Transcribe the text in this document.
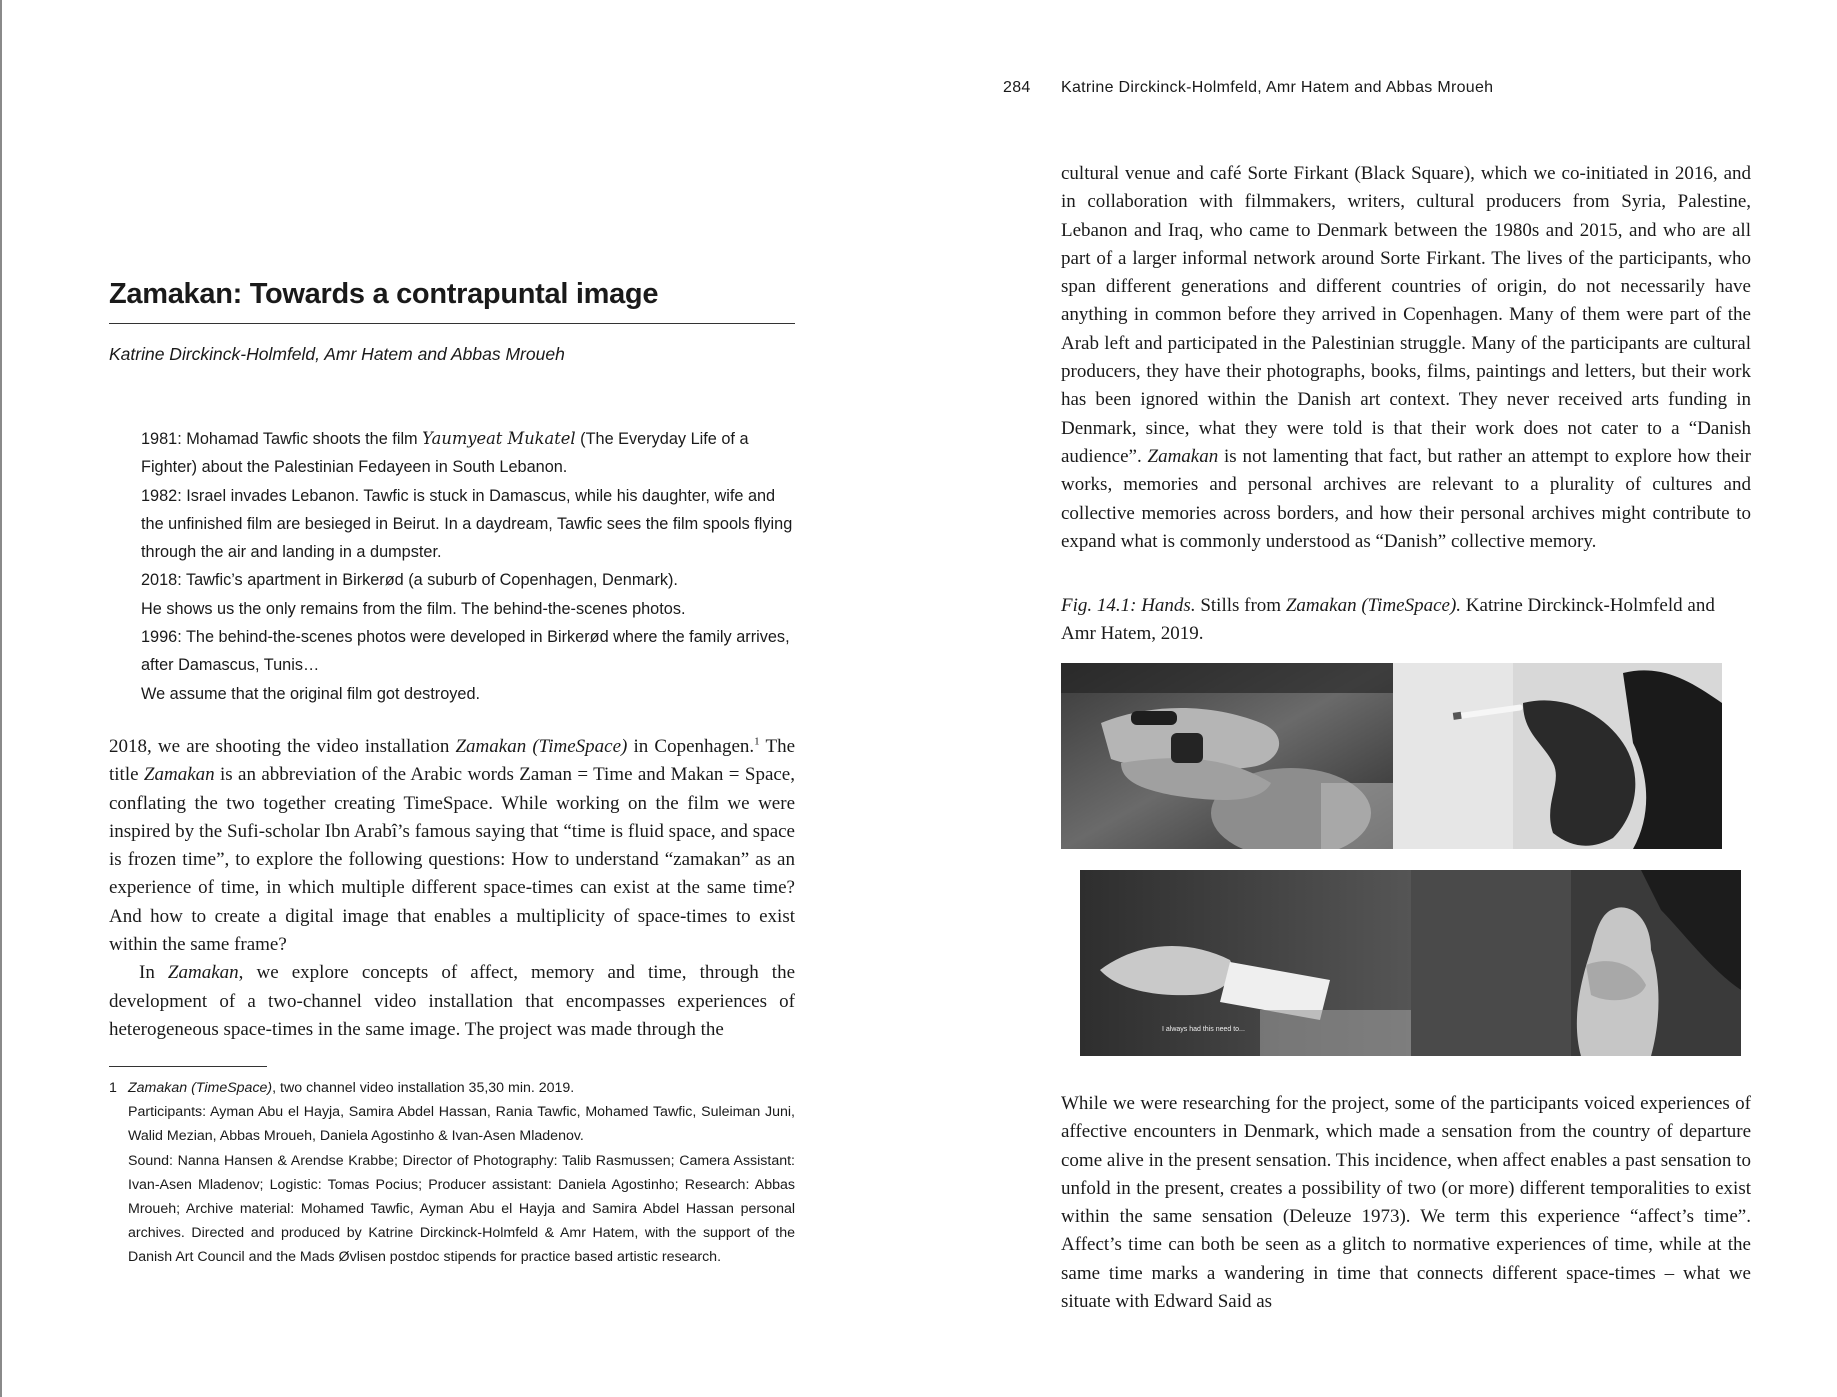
Zamakan: Towards a contrapuntal image
Katrine Dirckinck-Holmfeld, Amr Hatem and Abbas Mroueh
1981: Mohamad Tawfic shoots the film Yaumyeat Mukatel (The Everyday Life of a Fighter) about the Palestinian Fedayeen in South Lebanon.
1982: Israel invades Lebanon. Tawfic is stuck in Damascus, while his daughter, wife and the unfinished film are besieged in Beirut. In a daydream, Tawfic sees the film spools flying through the air and landing in a dumpster.
2018: Tawfic’s apartment in Birkerød (a suburb of Copenhagen, Denmark).
He shows us the only remains from the film. The behind-the-scenes photos.
1996: The behind-the-scenes photos were developed in Birkerød where the family arrives, after Damascus, Tunis…
We assume that the original film got destroyed.

2018, we are shooting the video installation Zamakan (TimeSpace) in Copenhagen.$^1$ The title Zamakan is an abbreviation of the Arabic words Zaman = Time and Makan = Space, conflating the two together creating TimeSpace. While working on the film we were inspired by the Sufi-scholar Ibn Arabî’s famous saying that “time is fluid space, and space is frozen time”, to explore the following questions: How to understand “zamakan” as an experience of time, in which multiple different space-times can exist at the same time? And how to create a digital image that enables a multiplicity of space-times to exist within the same frame?

In Zamakan, we explore concepts of affect, memory and time, through the development of a two-channel video installation that encompasses experiences of heterogeneous space-times in the same image. The project was made through the

1 Zamakan (TimeSpace), two channel video installation 35,30 min. 2019.

Participants: Ayman Abu el Hayja, Samira Abdel Hassan, Rania Tawfic, Mohamed Tawfic, Suleiman Juni, Walid Mezian, Abbas Mroueh, Daniela Agostinho & Ivan-Asen Mladenov.

Sound: Nanna Hansen & Arendse Krabbe; Director of Photography: Talib Rasmussen; Camera Assistant: Ivan-Asen Mladenov; Logistic: Tomas Pocius; Producer assistant: Daniela Agostinho; Research: Abbas Mroueh; Archive material: Mohamed Tawfic, Ayman Abu el Hayja and Samira Abdel Hassan personal archives. Directed and produced by Katrine Dirckinck-Holmfeld & Amr Hatem, with the support of the Danish Art Council and the Mads Øvlisen postdoc stipends for practice based artistic research.

284 Katrine Dirckinck-Holmfeld, Amr Hatem and Abbas Mroueh

cultural venue and café Sorte Firkant (Black Square), which we co-initiated in 2016, and in collaboration with filmmakers, writers, cultural producers from Syria, Palestine, Lebanon and Iraq, who came to Denmark between the 1980s and 2015, and who are all part of a larger informal network around Sorte Firkant. The lives of the participants, who span different generations and different countries of origin, do not necessarily have anything in common before they arrived in Copenhagen. Many of them were part of the Arab left and participated in the Palestinian struggle. Many of the participants are cultural producers, they have their photographs, books, films, paintings and letters, but their work has been ignored within the Danish art context. They never received arts funding in Denmark, since, what they were told is that their work does not cater to a “Danish audience”. Zamakan is not lamenting that fact, but rather an attempt to explore how their works, memories and personal archives are relevant to a plurality of cultures and collective memories across borders, and how their personal archives might contribute to expand what is commonly understood as “Danish” collective memory.

Fig. 14.1: Hands. Stills from Zamakan (TimeSpace). Katrine Dirckinck-Holmfeld and Amr Hatem, 2019.
I always had this need to...

While we were researching for the project, some of the participants voiced experiences of affective encounters in Denmark, which made a sensation from the country of departure come alive in the present sensation. This incidence, when affect enables a past sensation to unfold in the present, creates a possibility of two (or more) different temporalities to exist within the same sensation (Deleuze 1973). We term this experience “affect’s time”. Affect’s time can both be seen as a glitch to normative experiences of time, while at the same time marks a wandering in time that connects different space-times – what we situate with Edward Said as
